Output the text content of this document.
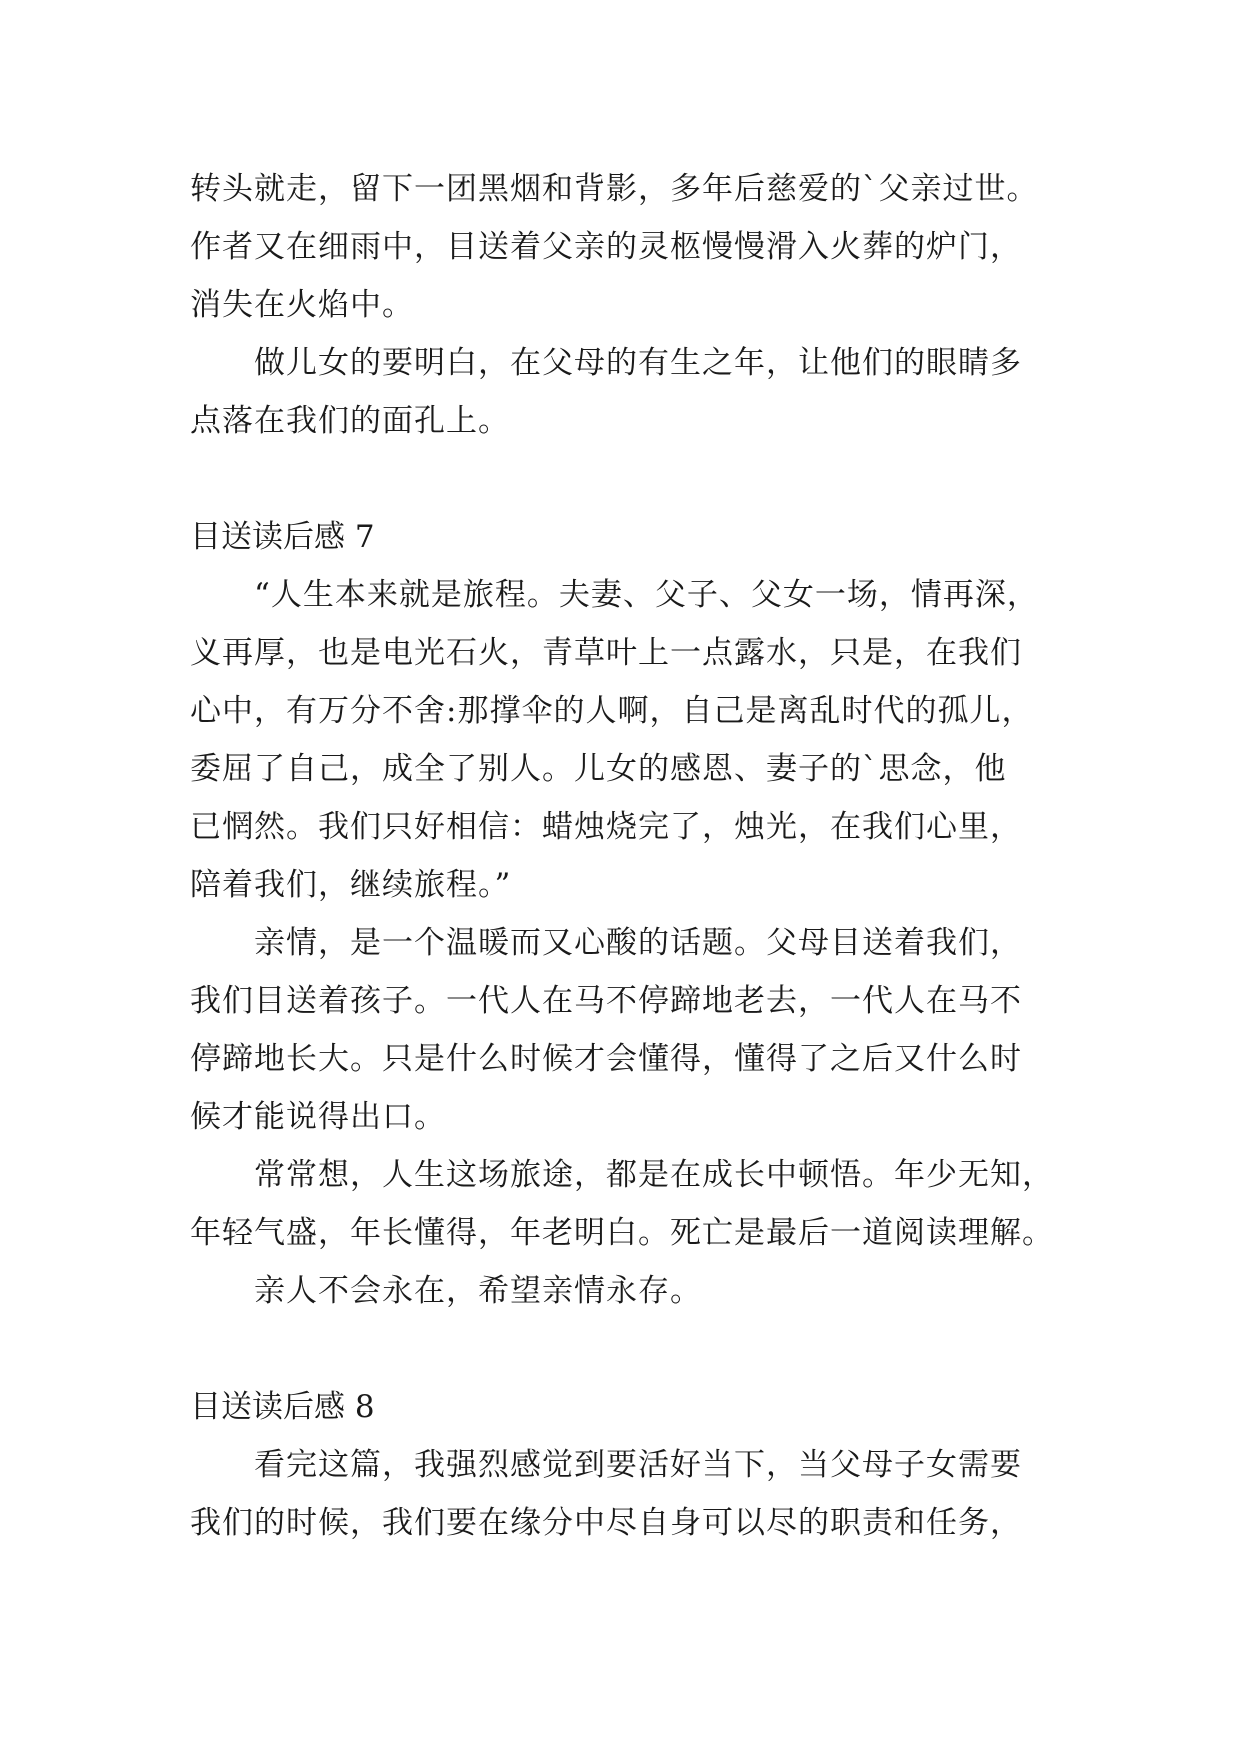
转头就走，留下一团黑烟和背影，多年后慈爱的`父亲过世。

作者又在细雨中，目送着父亲的灵柩慢慢滑入火葬的炉门，

消失在火焰中。

做儿女的要明白，在父母的有生之年，让他们的眼睛多

点落在我们的面孔上。

目送读后感 7

“人生本来就是旅程。夫妻、父子、父女一场，情再深，

义再厚，也是电光石火，青草叶上一点露水，只是，在我们

心中，有万分不舍:那撑伞的人啊，自己是离乱时代的孤儿，

委屈了自己，成全了别人。儿女的感恩、妻子的`思念，他

已惘然。我们只好相信：蜡烛烧完了，烛光，在我们心里，

陪着我们，继续旅程。”

亲情，是一个温暖而又心酸的话题。父母目送着我们，

我们目送着孩子。一代人在马不停蹄地老去，一代人在马不

停蹄地长大。只是什么时候才会懂得，懂得了之后又什么时

候才能说得出口。

常常想，人生这场旅途，都是在成长中顿悟。年少无知，

年轻气盛，年长懂得，年老明白。死亡是最后一道阅读理解。

亲人不会永在，希望亲情永存。

目送读后感 8

看完这篇，我强烈感觉到要活好当下，当父母子女需要

我们的时候，我们要在缘分中尽自身可以尽的职责和任务，
